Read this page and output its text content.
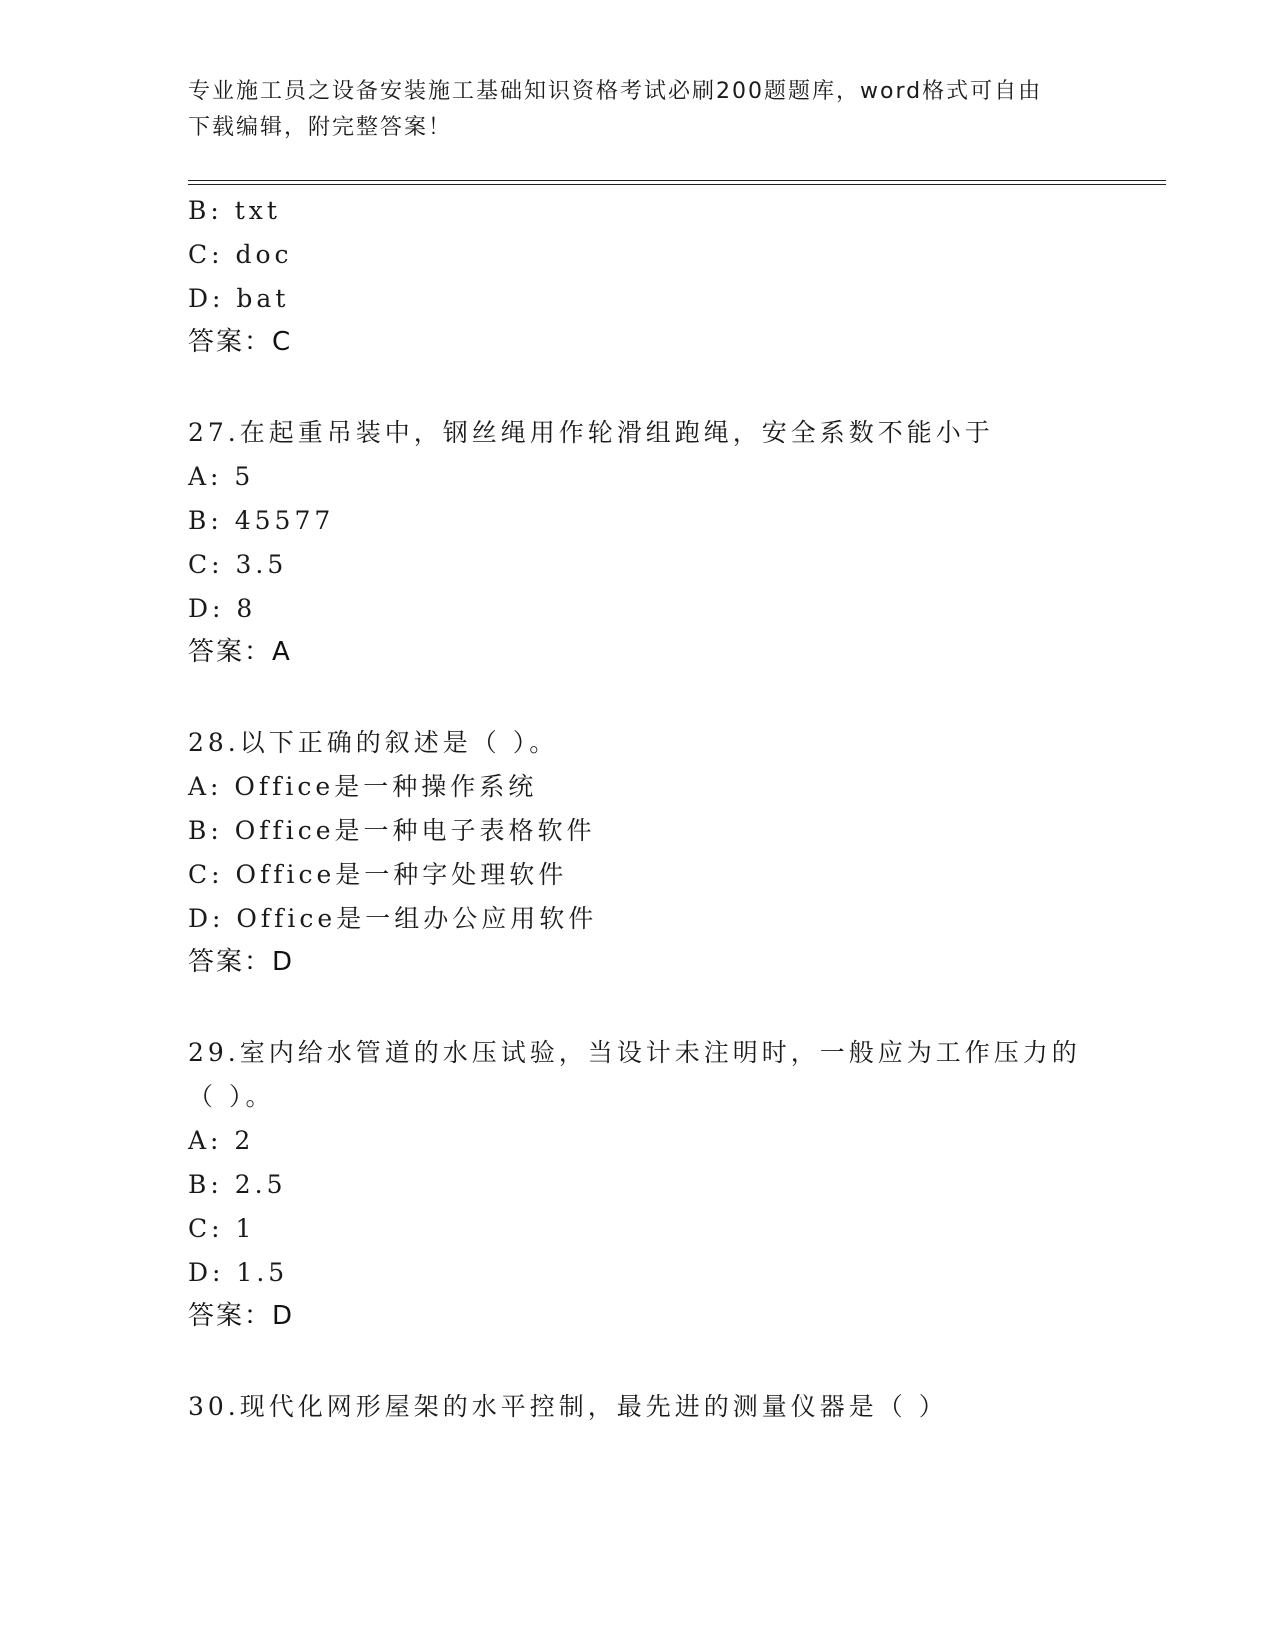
专业施工员之设备安装施工基础知识资格考试必刷200题题库，word格式可自由
下载编辑，附完整答案！
B: txt
C: doc
D: bat
答案：C
27.在起重吊装中，钢丝绳用作轮滑组跑绳，安全系数不能小于
A: 5
B: 45577
C: 3.5
D: 8
答案：A
28.以下正确的叙述是（ ）。
A: Office是一种操作系统
B: Office是一种电子表格软件
C: Office是一种字处理软件
D: Office是一组办公应用软件
答案：D
29.室内给水管道的水压试验，当设计未注明时，一般应为工作压力的
（ ）。
A: 2
B: 2.5
C: 1
D: 1.5
答案：D
30.现代化网形屋架的水平控制，最先进的测量仪器是（ ）
